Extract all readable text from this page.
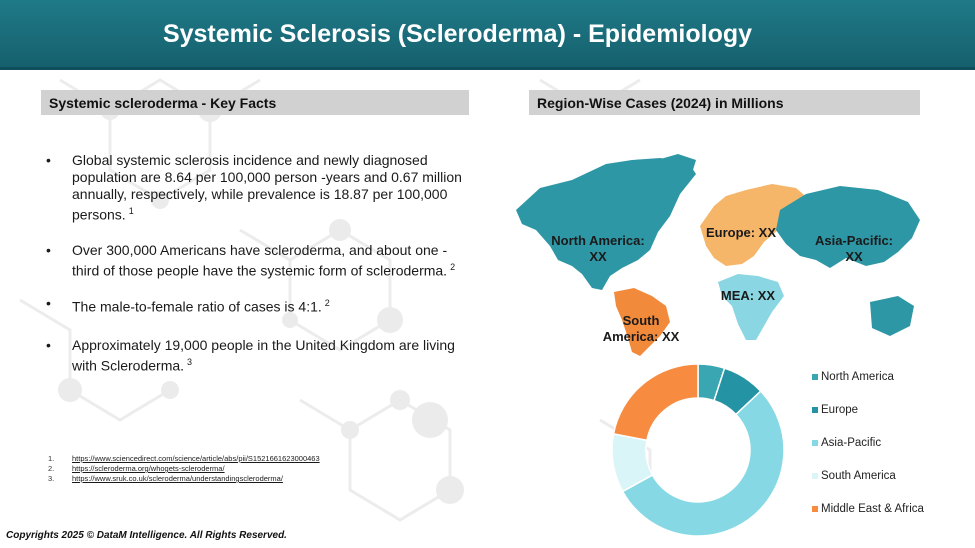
Systemic Sclerosis (Scleroderma) - Epidemiology
Systemic scleroderma - Key Facts	Region-Wise Cases (2024) in Millions
• Global systemic sclerosis incidence and newly diagnosed population are 8.64 per 100,000 person -years and 0.67 million annually, respectively, while prevalence is 18.87 per 100,000 persons. $^1$
• Over 300,000 Americans have scleroderma, and about one - third of those people have the systemic form of scleroderma. $^2$
• The male-to-female ratio of cases is 4:1. $^2$
• Approximately 19,000 people in the United Kingdom are living with Scleroderma. $^3$
1.	https://www.sciencedirect.com/science/article/abs/pii/S1521661623000463
2.	https://scleroderma.org/whogets-scleroderma/
3.	https://www.sruk.co.uk/scleroderma/understandingscleroderma/
North America: XX
Europe: XX
Asia-Pacific: XX
MEA: XX
South America: XX
North America
Europe
Asia-Pacific
South America
Middle East & Africa
Copyrights 2025 © DataM Intelligence. All Rights Reserved.
